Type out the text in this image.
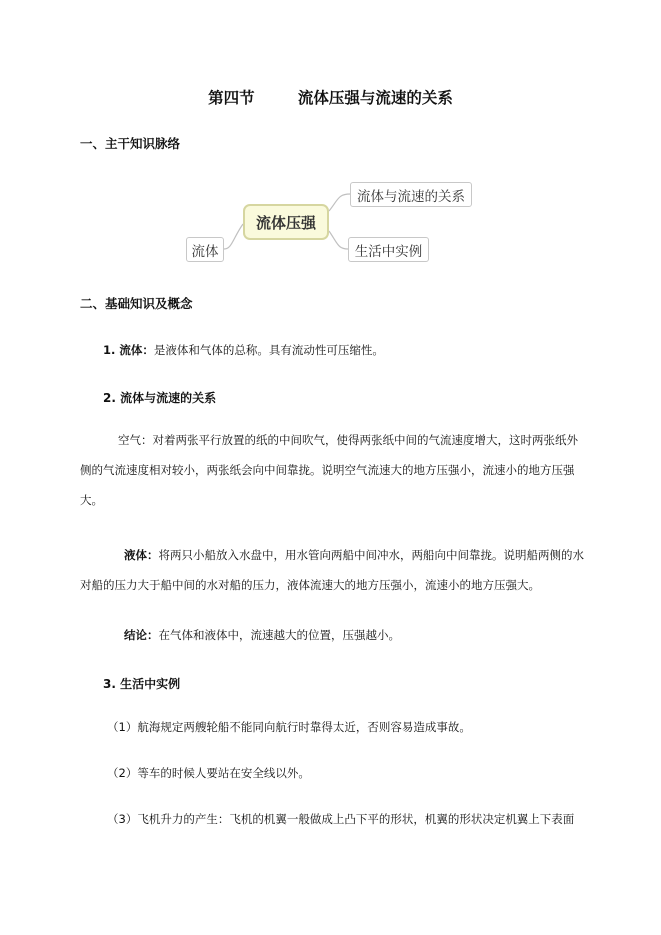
第四节        流体压强与流速的关系
一、主干知识脉络
流体压强
流体与流速的关系
流体	生活中实例
二、基础知识及概念
1. 流体：是液体和气体的总称。具有流动性可压缩性。
2. 流体与流速的关系
空气：对着两张平行放置的纸的中间吹气，使得两张纸中间的气流速度增大，这时两张纸外侧的气流速度相对较小，两张纸会向中间靠拢。说明空气流速大的地方压强小，流速小的地方压强大。
液体：将两只小船放入水盘中，用水管向两船中间冲水，两船向中间靠拢。说明船两侧的水对船的压力大于船中间的水对船的压力，液体流速大的地方压强小，流速小的地方压强大。
结论：在气体和液体中，流速越大的位置，压强越小。
3. 生活中实例
（1）航海规定两艘轮船不能同向航行时靠得太近，否则容易造成事故。
（2）等车的时候人要站在安全线以外。
（3）飞机升力的产生：飞机的机翼一般做成上凸下平的形状，机翼的形状决定机翼上下表面
